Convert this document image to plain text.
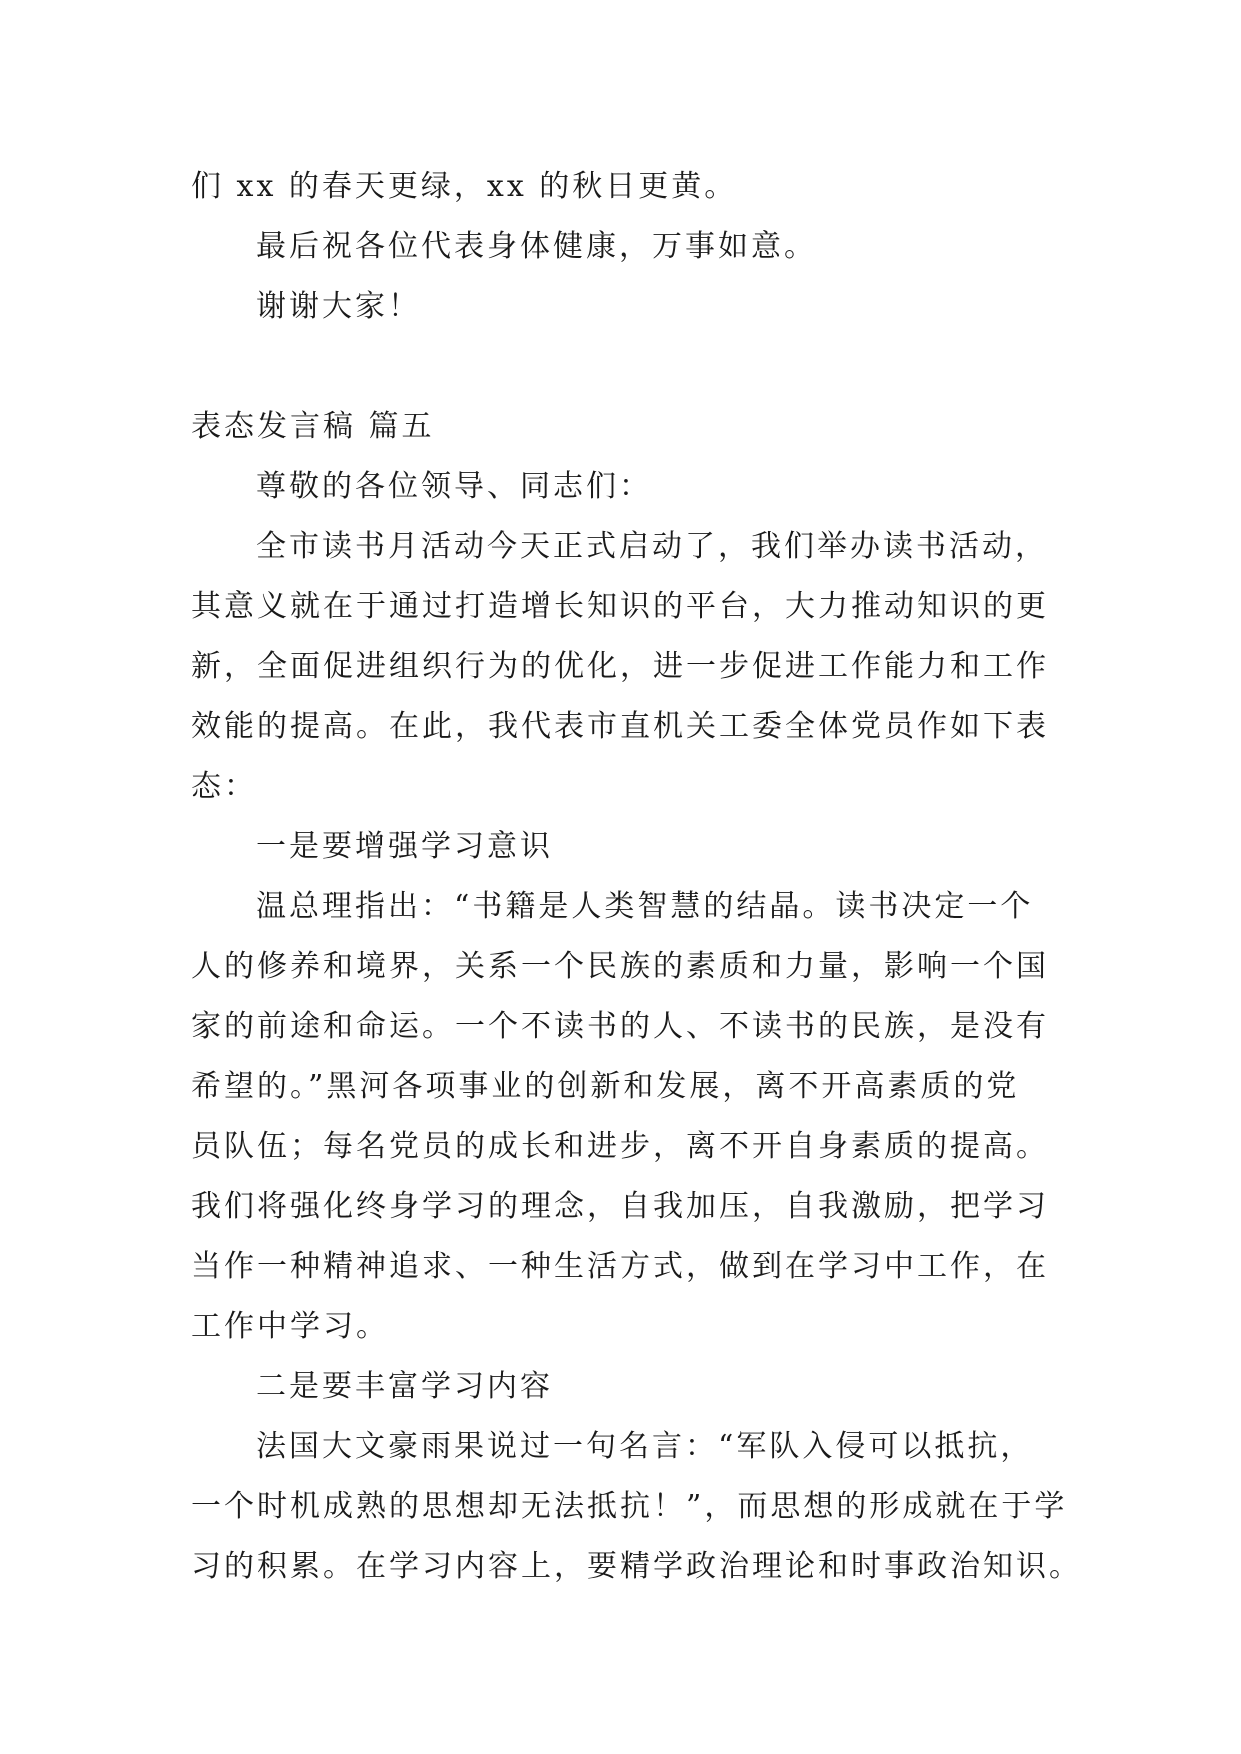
们 xx 的春天更绿，xx 的秋日更黄。
最后祝各位代表身体健康，万事如意。
谢谢大家！
表态发言稿 篇五
尊敬的各位领导、同志们：
全市读书月活动今天正式启动了，我们举办读书活动，
其意义就在于通过打造增长知识的平台，大力推动知识的更
新，全面促进组织行为的优化，进一步促进工作能力和工作
效能的提高。在此，我代表市直机关工委全体党员作如下表
态：
一是要增强学习意识
温总理指出：“书籍是人类智慧的结晶。读书决定一个
人的修养和境界，关系一个民族的素质和力量，影响一个国
家的前途和命运。一个不读书的人、不读书的民族，是没有
希望的。”黑河各项事业的创新和发展，离不开高素质的党
员队伍；每名党员的成长和进步，离不开自身素质的提高。
我们将强化终身学习的理念，自我加压，自我激励，把学习
当作一种精神追求、一种生活方式，做到在学习中工作，在
工作中学习。
二是要丰富学习内容
法国大文豪雨果说过一句名言：“军队入侵可以抵抗，
一个时机成熟的思想却无法抵抗！”，而思想的形成就在于学
习的积累。在学习内容上，要精学政治理论和时事政治知识。
